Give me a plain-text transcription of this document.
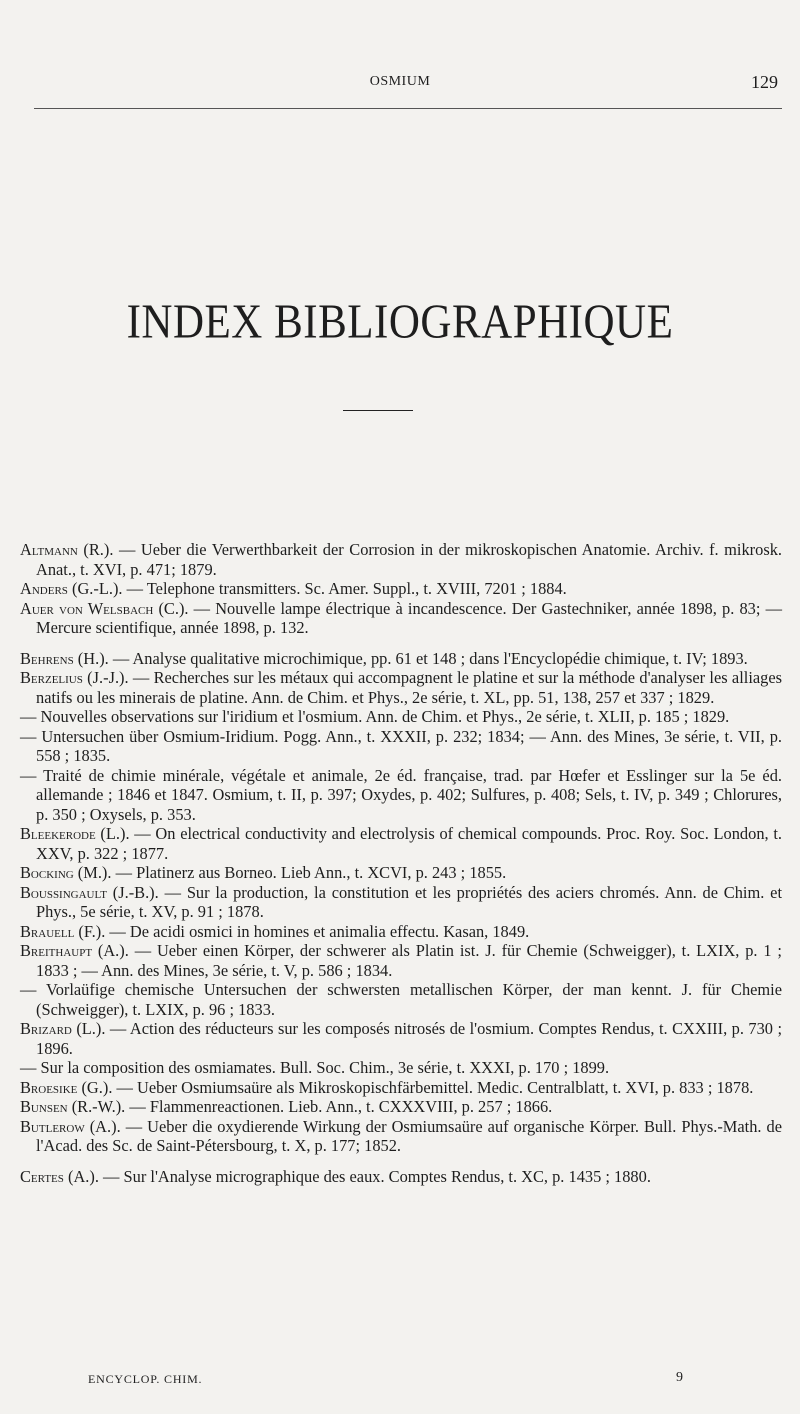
OSMIUM	129
INDEX BIBLIOGRAPHIQUE

Altmann (R.). — Ueber die Verwerthbarkeit der Corrosion in der mikroskopischen Anatomie. Archiv. f. mikrosk. Anat., t. XVI, p. 471; 1879.

Anders (G.-L.). — Telephone transmitters. Sc. Amer. Suppl., t. XVIII, 7201 ; 1884.

Auer von Welsbach (C.). — Nouvelle lampe électrique à incandescence. Der Gastechniker, année 1898, p. 83; — Mercure scientifique, année 1898, p. 132.

Behrens (H.). — Analyse qualitative microchimique, pp. 61 et 148 ; dans l'Encyclopédie chimique, t. IV; 1893.

Berzelius (J.-J.). — Recherches sur les métaux qui accompagnent le platine et sur la méthode d'analyser les alliages natifs ou les minerais de platine. Ann. de Chim. et Phys., 2e série, t. XL, pp. 51, 138, 257 et 337 ; 1829.

— Nouvelles observations sur l'iridium et l'osmium. Ann. de Chim. et Phys., 2e série, t. XLII, p. 185 ; 1829.

— Untersuchen über Osmium-Iridium. Pogg. Ann., t. XXXII, p. 232; 1834; — Ann. des Mines, 3e série, t. VII, p. 558 ; 1835.

— Traité de chimie minérale, végétale et animale, 2e éd. française, trad. par Hœfer et Esslinger sur la 5e éd. allemande ; 1846 et 1847. Osmium, t. II, p. 397; Oxydes, p. 402; Sulfures, p. 408; Sels, t. IV, p. 349 ; Chlorures, p. 350 ; Oxysels, p. 353.

Bleekerode (L.). — On electrical conductivity and electrolysis of chemical compounds. Proc. Roy. Soc. London, t. XXV, p. 322 ; 1877.

Bocking (M.). — Platinerz aus Borneo. Lieb Ann., t. XCVI, p. 243 ; 1855.

Boussingault (J.-B.). — Sur la production, la constitution et les propriétés des aciers chromés. Ann. de Chim. et Phys., 5e série, t. XV, p. 91 ; 1878.

Brauell (F.). — De acidi osmici in homines et animalia effectu. Kasan, 1849.

Breithaupt (A.). — Ueber einen Körper, der schwerer als Platin ist. J. für Chemie (Schweigger), t. LXIX, p. 1 ; 1833 ; — Ann. des Mines, 3e série, t. V, p. 586 ; 1834.

— Vorlaüfige chemische Untersuchen der schwersten metallischen Körper, der man kennt. J. für Chemie (Schweigger), t. LXIX, p. 96 ; 1833.

Brizard (L.). — Action des réducteurs sur les composés nitrosés de l'osmium. Comptes Rendus, t. CXXIII, p. 730 ; 1896.

— Sur la composition des osmiamates. Bull. Soc. Chim., 3e série, t. XXXI, p. 170 ; 1899.

Broesike (G.). — Ueber Osmiumsaüre als Mikroskopischfärbemittel. Medic. Centralblatt, t. XVI, p. 833 ; 1878.

Bunsen (R.-W.). — Flammenreactionen. Lieb. Ann., t. CXXXVIII, p. 257 ; 1866.

Butlerow (A.). — Ueber die oxydierende Wirkung der Osmiumsaüre auf organische Körper. Bull. Phys.-Math. de l'Acad. des Sc. de Saint-Pétersbourg, t. X, p. 177; 1852.

Certes (A.). — Sur l'Analyse micrographique des eaux. Comptes Rendus, t. XC, p. 1435 ; 1880.

ENCYCLOP. CHIM.	9
